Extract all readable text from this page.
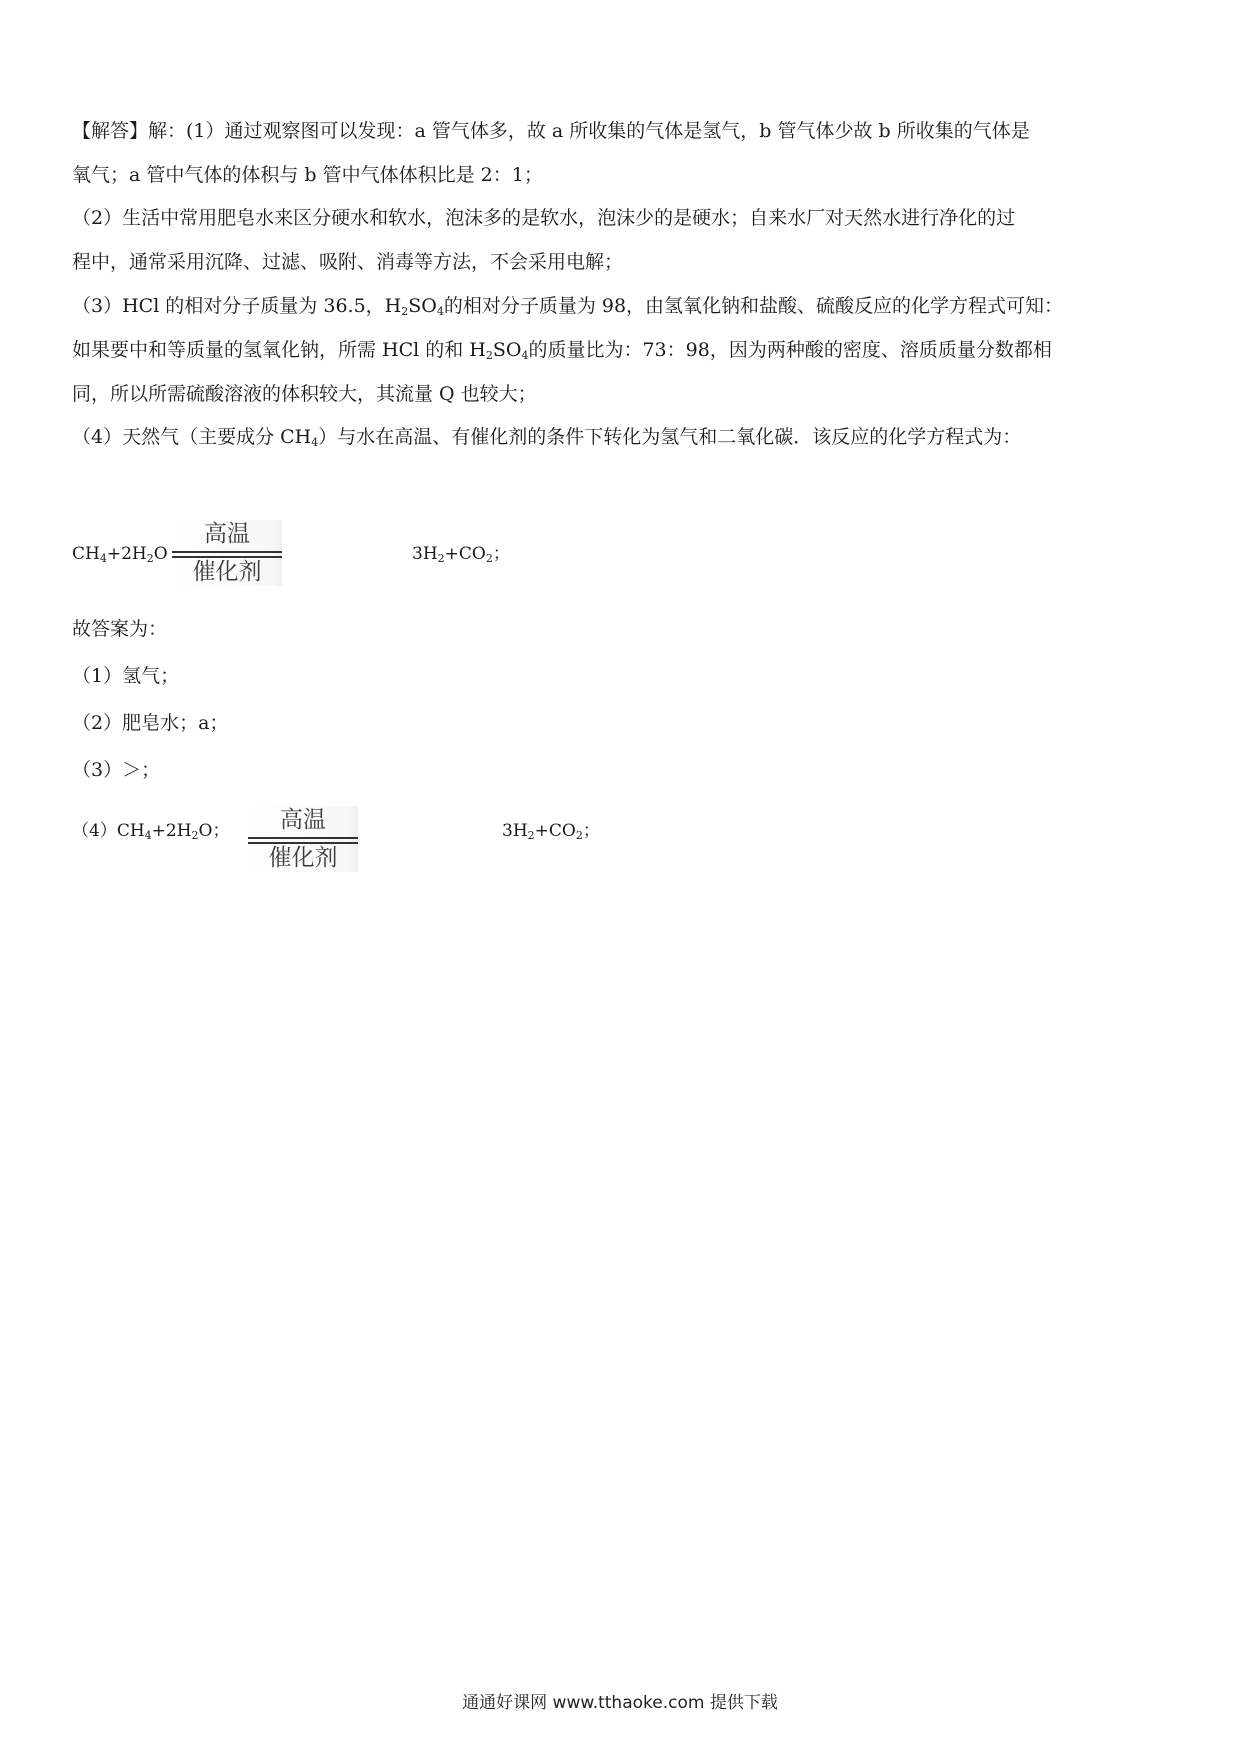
【解答】解：(1）通过观察图可以发现：a 管气体多，故 a 所收集的气体是氢气，b 管气体少故 b 所收集的气体是
氧气；a 管中气体的体积与 b 管中气体体积比是 2：1；
（2）生活中常用肥皂水来区分硬水和软水，泡沫多的是软水，泡沫少的是硬水；自来水厂对天然水进行净化的过
程中，通常采用沉降、过滤、吸附、消毒等方法，不会采用电解；
（3）HCl 的相对分子质量为 36.5，$H_2SO_4$的相对分子质量为 98，由氢氧化钠和盐酸、硫酸反应的化学方程式可知：
如果要中和等质量的氢氧化钠，所需 HCl 的和 $H_2SO_4$的质量比为：73：98，因为两种酸的密度、溶质质量分数都相
同，所以所需硫酸溶液的体积较大，其流量 Q 也较大；
（4）天然气（主要成分 $CH_4$）与水在高温、有催化剂的条件下转化为氢气和二氧化碳．该反应的化学方程式为：
$CH_4+2H_2O$
高温
催化剂
$3H_2+CO_2$；
故答案为：
（1）氢气；
（2）肥皂水；a；
（3）＞；
$(4)CH_4+2H_2O$；	高温
催化剂
$3H_2+CO_2$；
通通好课网 www.tthaoke.com 提供下载
